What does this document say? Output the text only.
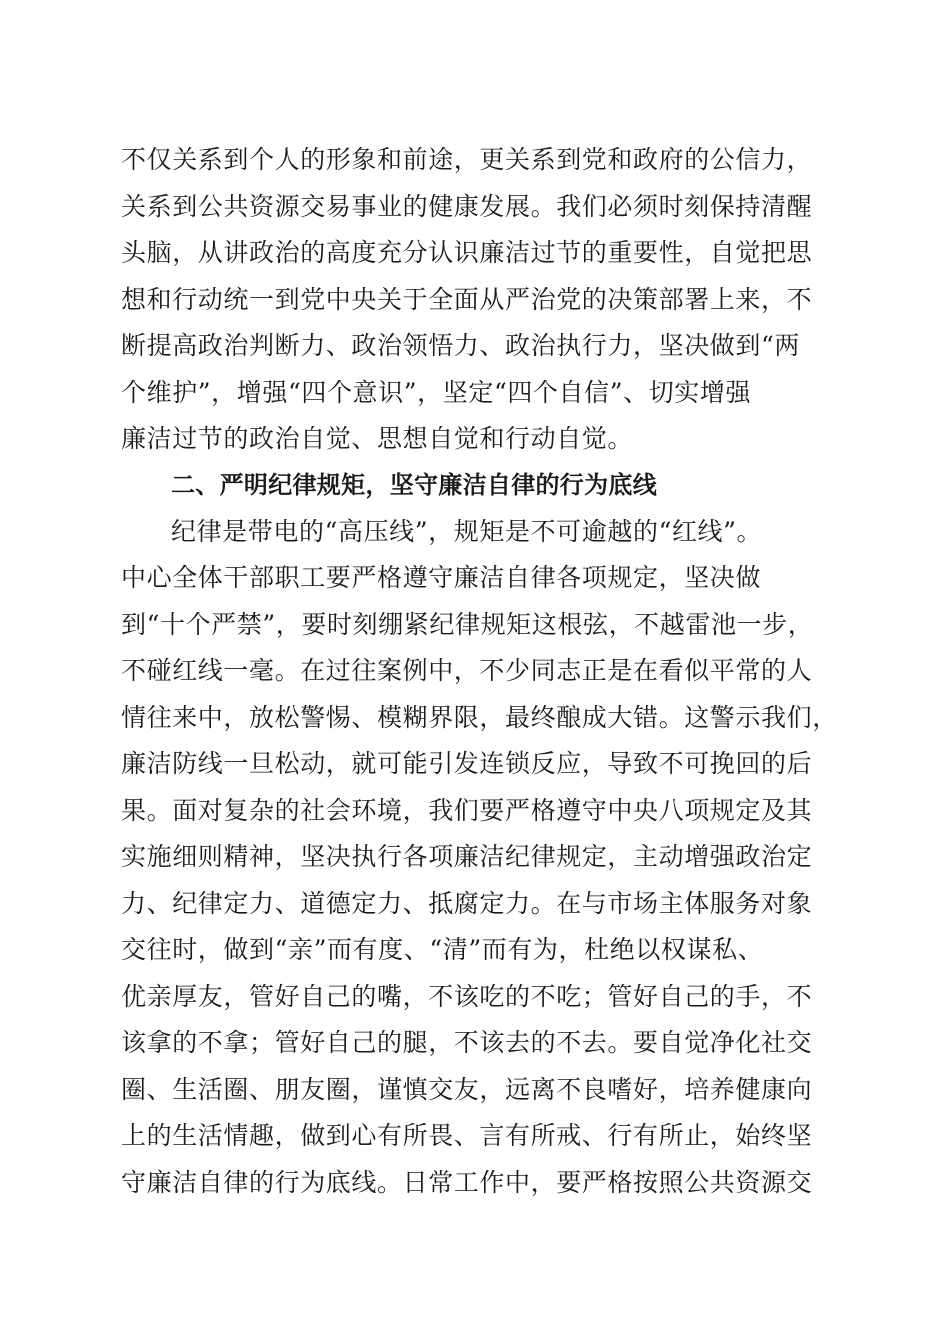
不仅关系到个人的形象和前途，更关系到党和政府的公信力，
关系到公共资源交易事业的健康发展。我们必须时刻保持清醒
头脑，从讲政治的高度充分认识廉洁过节的重要性，自觉把思
想和行动统一到党中央关于全面从严治党的决策部署上来，不
断提高政治判断力、政治领悟力、政治执行力，坚决做到“两
个维护”，增强“四个意识”，坚定“四个自信”、切实增强
廉洁过节的政治自觉、思想自觉和行动自觉。
二、严明纪律规矩，坚守廉洁自律的行为底线
纪律是带电的“高压线”，规矩是不可逾越的“红线”。
中心全体干部职工要严格遵守廉洁自律各项规定，坚决做
到“十个严禁”，要时刻绷紧纪律规矩这根弦，不越雷池一步，
不碰红线一毫。在过往案例中，不少同志正是在看似平常的人
情往来中，放松警惕、模糊界限，最终酿成大错。这警示我们，
廉洁防线一旦松动，就可能引发连锁反应，导致不可挽回的后
果。面对复杂的社会环境，我们要严格遵守中央八项规定及其
实施细则精神，坚决执行各项廉洁纪律规定，主动增强政治定
力、纪律定力、道德定力、抵腐定力。在与市场主体服务对象
交往时，做到“亲”而有度、“清”而有为，杜绝以权谋私、
优亲厚友，管好自己的嘴，不该吃的不吃；管好自己的手，不
该拿的不拿；管好自己的腿，不该去的不去。要自觉净化社交
圈、生活圈、朋友圈，谨慎交友，远离不良嗜好，培养健康向
上的生活情趣，做到心有所畏、言有所戒、行有所止，始终坚
守廉洁自律的行为底线。日常工作中，要严格按照公共资源交
